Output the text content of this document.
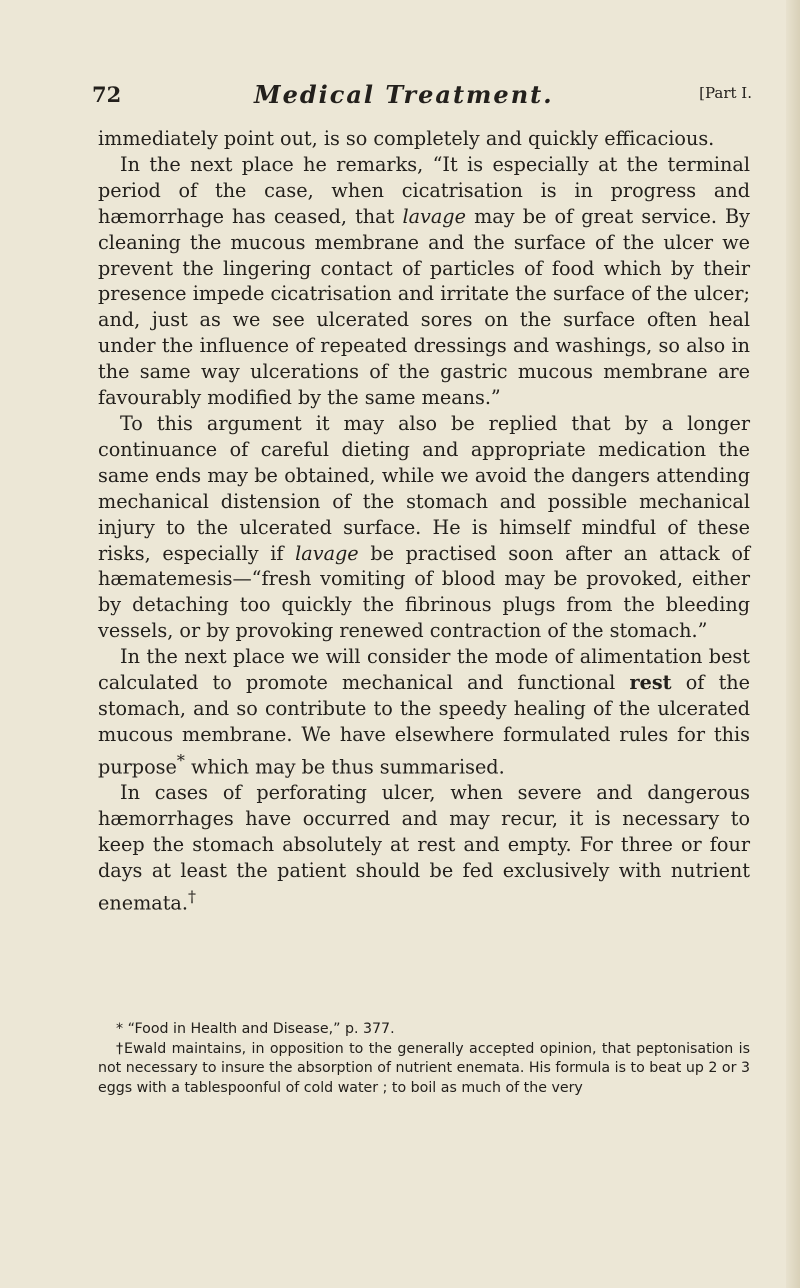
72	Medical Treatment.	[Part I.

immediately point out, is so completely and quickly efficacious.

In the next place he remarks, “It is especially at the terminal period of the case, when cicatrisation is in progress and hæmorrhage has ceased, that lavage may be of great service. By cleaning the mucous membrane and the surface of the ulcer we prevent the lingering contact of particles of food which by their presence impede cicatrisation and irritate the surface of the ulcer; and, just as we see ulcerated sores on the surface often heal under the influence of repeated dressings and washings, so also in the same way ulcerations of the gastric mucous membrane are favourably modified by the same means.”

To this argument it may also be replied that by a longer continuance of careful dieting and appropriate medication the same ends may be obtained, while we avoid the dangers attending mechanical distension of the stomach and possible mechanical injury to the ulcerated surface. He is himself mindful of these risks, especially if lavage be practised soon after an attack of hæmatemesis—“fresh vomiting of blood may be provoked, either by detaching too quickly the fibrinous plugs from the bleeding vessels, or by provoking renewed contraction of the stomach.”

In the next place we will consider the mode of alimentation best calculated to promote mechanical and functional rest of the stomach, and so contribute to the speedy healing of the ulcerated mucous membrane. We have elsewhere formulated rules for this purpose* which may be thus summarised.

In cases of perforating ulcer, when severe and dangerous hæmorrhages have occurred and may recur, it is necessary to keep the stomach absolutely at rest and empty. For three or four days at least the patient should be fed exclusively with nutrient enemata.†

* “Food in Health and Disease,” p. 377.

†Ewald maintains, in opposition to the generally accepted opinion, that peptonisation is not necessary to insure the absorption of nutrient enemata. His formula is to beat up 2 or 3 eggs with a tablespoonful of cold water ; to boil as much of the very
